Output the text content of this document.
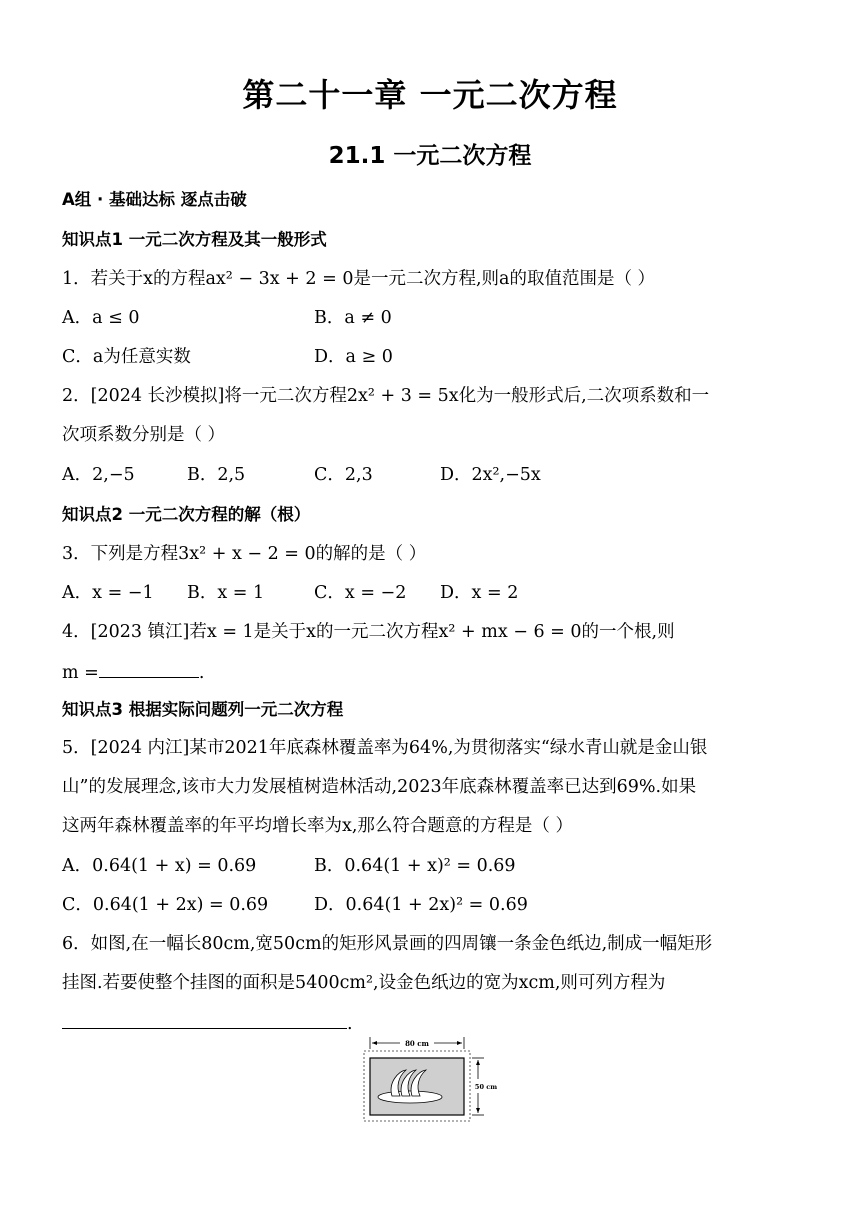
第二十一章 一元二次方程
21.1 一元二次方程
A组 · 基础达标 逐点击破
知识点1 一元二次方程及其一般形式
1．若关于x的方程ax² − 3x + 2 = 0是一元二次方程,则a的取值范围是（ ）
A．a ≤ 0	B．a ≠ 0
C．a为任意实数	D．a ≥ 0
2．[2024 长沙模拟]将一元二次方程2x² + 3 = 5x化为一般形式后,二次项系数和一
次项系数分别是（ ）
A．2,−5	B．2,5	C．2,3	D．2x²,−5x
知识点2 一元二次方程的解（根）
3．下列是方程3x² + x − 2 = 0的解的是（ ）
A．x = −1 B．x = 1	C．x = −2 D．x = 2
4．[2023 镇江]若x = 1是关于x的一元二次方程x² + mx − 6 = 0的一个根,则
m =	.
知识点3 根据实际问题列一元二次方程
5．[2024 内江]某市2021年底森林覆盖率为64%,为贯彻落实“绿水青山就是金山银
山”的发展理念,该市大力发展植树造林活动,2023年底森林覆盖率已达到69%.如果
这两年森林覆盖率的年平均增长率为x,那么符合题意的方程是（ ）
A．0.64(1 + x) = 0.69	B．0.64(1 + x)² = 0.69
C．0.64(1 + 2x) = 0.69	D．0.64(1 + 2x)² = 0.69
6．如图,在一幅长80cm,宽50cm的矩形风景画的四周镶一条金色纸边,制成一幅矩形
挂图.若要使整个挂图的面积是5400cm²,设金色纸边的宽为xcm,则可列方程为
.
80 cm
50 cm
